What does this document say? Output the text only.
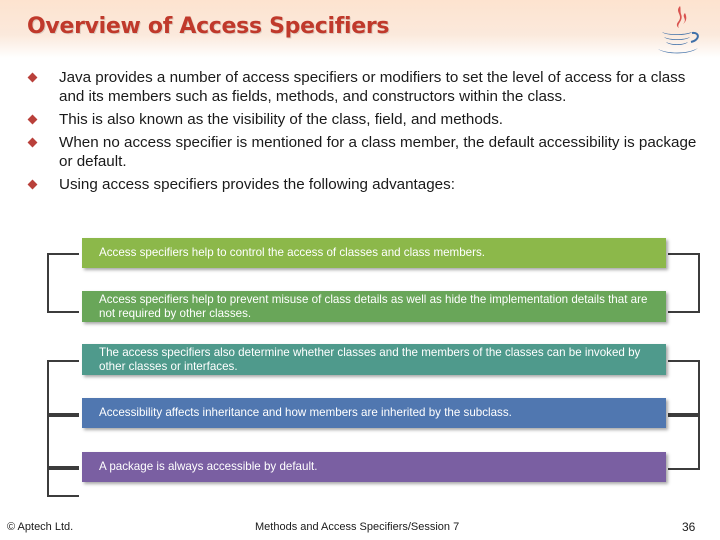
Overview of Access Specifiers
Java provides a number of access specifiers or modifiers to set the level of access for a class and its members such as fields, methods, and constructors within the class.
This is also known as the visibility of the class, field, and methods.
When no access specifier is mentioned for a class member, the default accessibility is package or default.
Using access specifiers provides the following advantages:
Access specifiers help to control the access of classes and class members.
Access specifiers help to prevent misuse of class details as well as hide the implementation details that are not required by other classes.
The access specifiers also determine whether classes and the members of the classes can be invoked by other classes or interfaces.
Accessibility affects inheritance and how members are inherited by the subclass.
A package is always accessible by default.
© Aptech Ltd.	Methods and Access Specifiers/Session 7	36
